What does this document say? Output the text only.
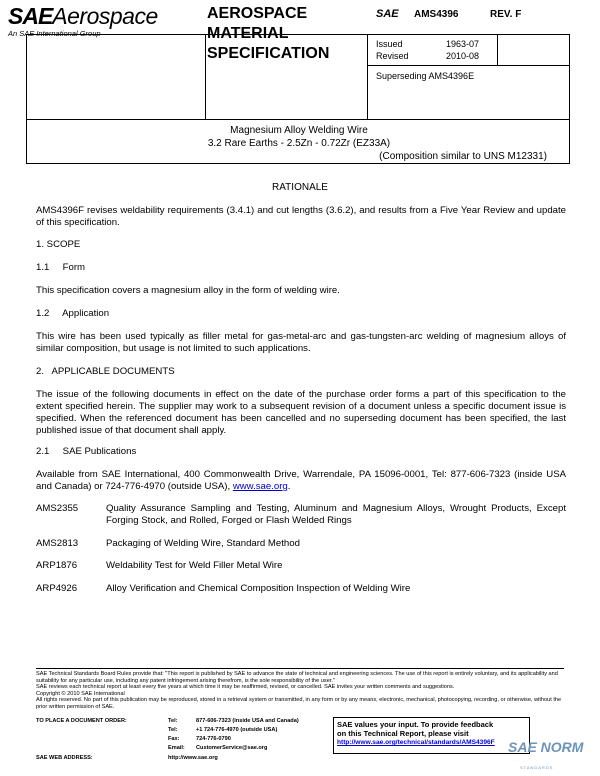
SAEAerospace
An SAE International Group
AEROSPACE
MATERIAL
SPECIFICATION
SAE AMS4396	REV. F
Issued	1963-07
Revised	2010-08
Superseding AMS4396E
Magnesium Alloy Welding Wire
3.2 Rare Earths - 2.5Zn - 0.72Zr (EZ33A)
(Composition similar to UNS M12331)
RATIONALE
AMS4396F revises weldability requirements (3.4.1) and cut lengths (3.6.2), and results from a Five Year Review and update of this specification.
1. SCOPE
1.1     Form
This specification covers a magnesium alloy in the form of welding wire.
1.2     Application
This wire has been used typically as filler metal for gas-metal-arc and gas-tungsten-arc welding of magnesium alloys of similar composition, but usage is not limited to such applications.
2.   APPLICABLE DOCUMENTS
The issue of the following documents in effect on the date of the purchase order forms a part of this specification to the extent specified herein. The supplier may work to a subsequent revision of a document unless a specific document issue is specified. When the referenced document has been cancelled and no superseding document has been specified, the last published issue of that document shall apply.
2.1     SAE Publications
Available from SAE International, 400 Commonwealth Drive, Warrendale, PA 15096-0001, Tel: 877-606-7323 (inside USA and Canada) or 724-776-4970 (outside USA), www.sae.org.
AMS2355	Quality Assurance Sampling and Testing, Aluminum and Magnesium Alloys, Wrought Products, Except Forging Stock, and Rolled, Forged or Flash Welded Rings
AMS2813	Packaging of Welding Wire, Standard Method
ARP1876	Weldability Test for Weld Filler Metal Wire
ARP4926	Alloy Verification and Chemical Composition Inspection of Welding Wire
SAE Technical Standards Board Rules provide that: "This report is published by SAE to advance the state of technical and engineering sciences. The use of this report is entirely voluntary, and its applicability and suitability for any particular use, including any patent infringement arising therefrom, is the sole responsibility of the user."
SAE reviews each technical report at least every five years at which time it may be reaffirmed, revised, or cancelled. SAE invites your written comments and suggestions.
Copyright © 2010 SAE International
All rights reserved. No part of this publication may be reproduced, stored in a retrieval system or transmitted, in any form or by any means, electronic, mechanical, photocopying, recording, or otherwise, without the prior written permission of SAE.
TO PLACE A DOCUMENT ORDER:	Tel:	877-606-7323 (inside USA and Canada)
Tel:	+1 724-776-4970 (outside USA)
Fax:	724-776-0790
Email: CustomerService@sae.org
SAE WEB ADDRESS:	http://www.sae.org
SAE values your input. To provide feedback
on this Technical Report, please visit
http://www.sae.org/technical/standards/AMS4396F SAE NORM
STANDARDS
